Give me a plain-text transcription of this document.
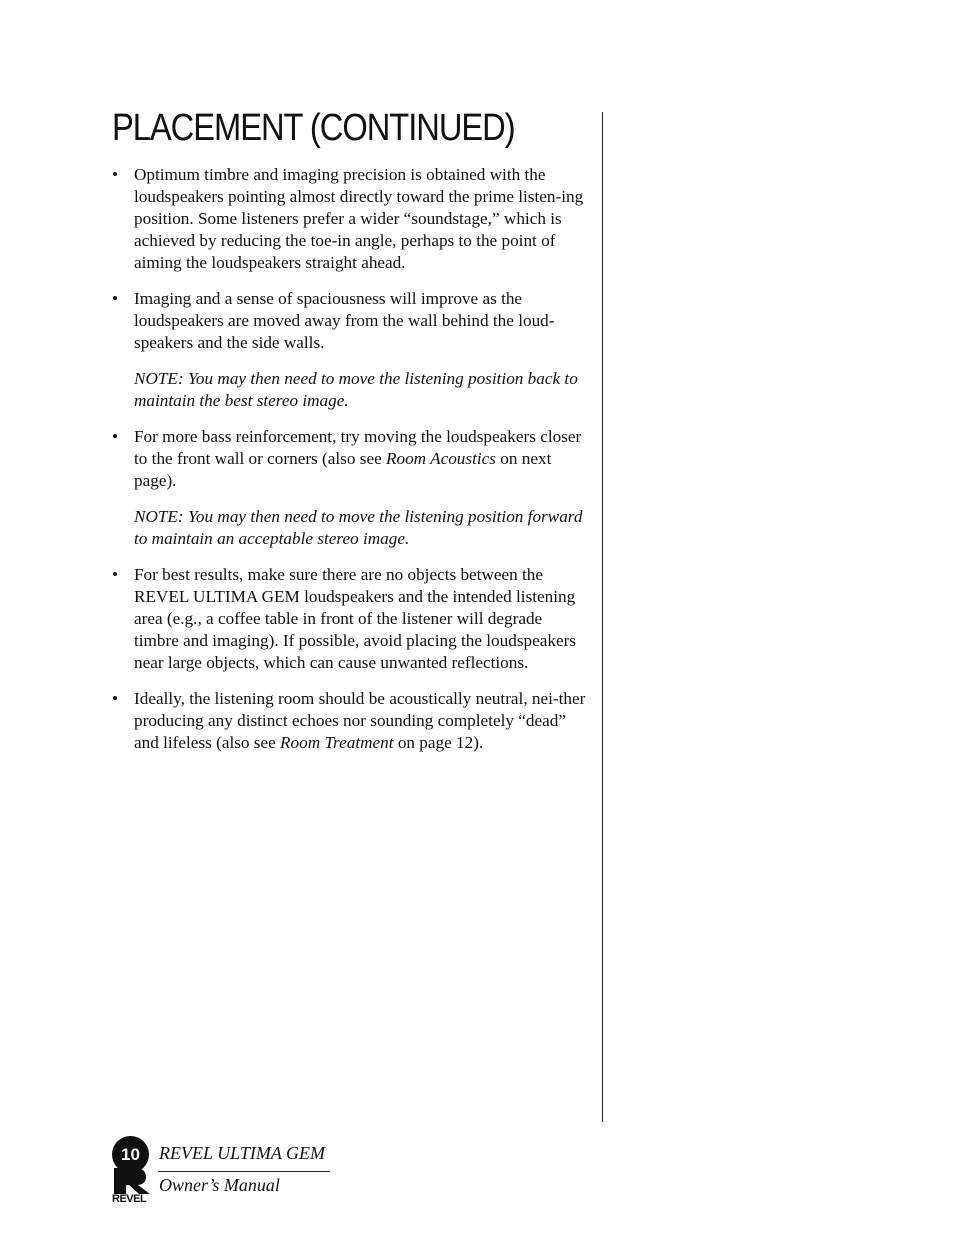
PLACEMENT (CONTINUED)

• Optimum timbre and imaging precision is obtained with the loudspeakers pointing almost directly toward the prime listen-ing position. Some listeners prefer a wider “soundstage,” which is achieved by reducing the toe-in angle, perhaps to the point of aiming the loudspeakers straight ahead.

• Imaging and a sense of spaciousness will improve as the loudspeakers are moved away from the wall behind the loud-speakers and the side walls.

NOTE: You may then need to move the listening position back to maintain the best stereo image.

• For more bass reinforcement, try moving the loudspeakers closer to the front wall or corners (also see Room Acoustics on next page).

NOTE: You may then need to move the listening position forward to maintain an acceptable stereo image.

• For best results, make sure there are no objects between the REVEL ULTIMA GEM loudspeakers and the intended listening area (e.g., a coffee table in front of the listener will degrade timbre and imaging). If possible, avoid placing the loudspeakers near large objects, which can cause unwanted reflections.

• Ideally, the listening room should be acoustically neutral, nei-ther producing any distinct echoes nor sounding completely “dead” and lifeless (also see Room Treatment on page 12).

10
REVEL
REVEL ULTIMA GEM
Owner’s Manual
